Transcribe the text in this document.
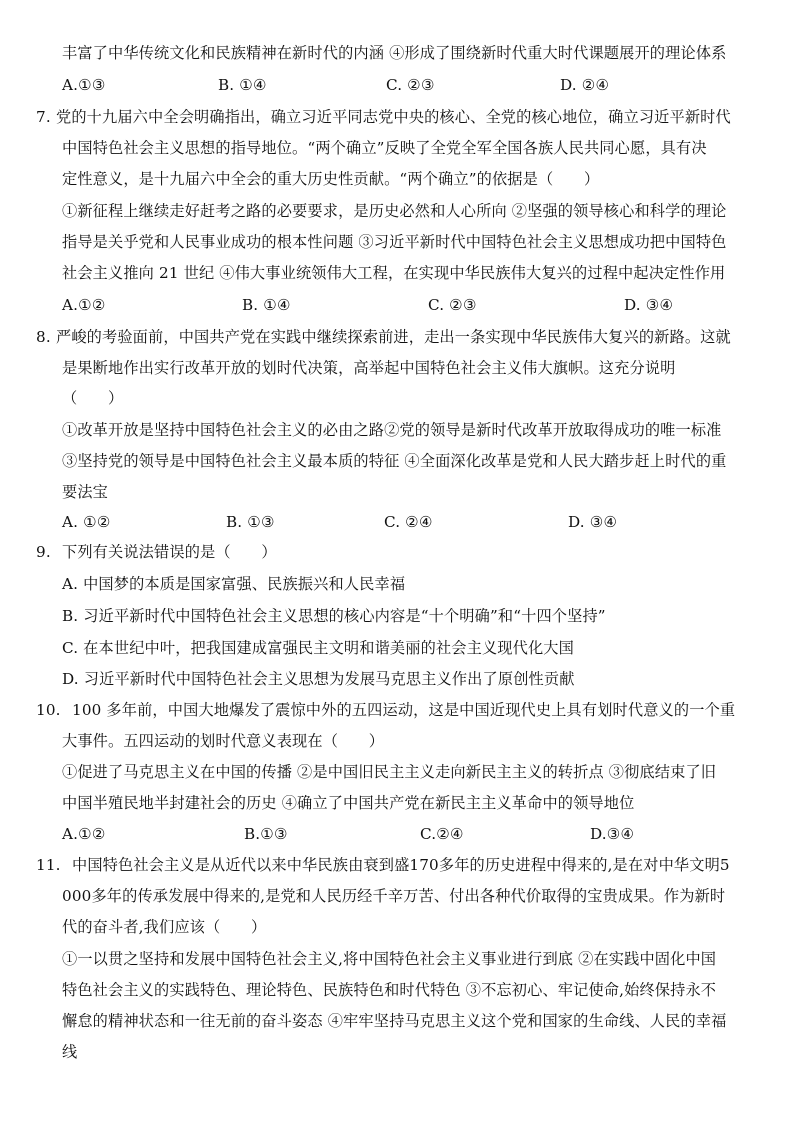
丰富了中华传统文化和民族精神在新时代的内涵 ④形成了围绕新时代重大时代课题展开的理论体系
A.①③	B. ①④	C. ②③	D. ②④
7. 党的十九届六中全会明确指出，确立习近平同志党中央的核心、全党的核心地位，确立习近平新时代
中国特色社会主义思想的指导地位。“两个确立”反映了全党全军全国各族人民共同心愿，具有决
定性意义，是十九届六中全会的重大历史性贡献。“两个确立”的依据是（　　）
①新征程上继续走好赶考之路的必要要求，是历史必然和人心所向 ②坚强的领导核心和科学的理论
指导是关乎党和人民事业成功的根本性问题 ③习近平新时代中国特色社会主义思想成功把中国特色
社会主义推向 21 世纪 ④伟大事业统领伟大工程，在实现中华民族伟大复兴的过程中起决定性作用
A.①②	B. ①④	C. ②③	D. ③④
8. 严峻的考验面前，中国共产党在实践中继续探索前进，走出一条实现中华民族伟大复兴的新路。这就
是果断地作出实行改革开放的划时代决策，高举起中国特色社会主义伟大旗帜。这充分说明
（　　）
①改革开放是坚持中国特色社会主义的必由之路②党的领导是新时代改革开放取得成功的唯一标准
③坚持党的领导是中国特色社会主义最本质的特征 ④全面深化改革是党和人民大踏步赶上时代的重
要法宝
A. ①②	B. ①③	C. ②④	D. ③④
9. 下列有关说法错误的是（　　）
A. 中国梦的本质是国家富强、民族振兴和人民幸福
B. 习近平新时代中国特色社会主义思想的核心内容是“十个明确”和“十四个坚持”
C. 在本世纪中叶，把我国建成富强民主文明和谐美丽的社会主义现代化大国
D. 习近平新时代中国特色社会主义思想为发展马克思主义作出了原创性贡献
10. 100 多年前，中国大地爆发了震惊中外的五四运动，这是中国近现代史上具有划时代意义的一个重
大事件。五四运动的划时代意义表现在（　　）
①促进了马克思主义在中国的传播 ②是中国旧民主主义走向新民主主义的转折点 ③彻底结束了旧
中国半殖民地半封建社会的历史 ④确立了中国共产党在新民主主义革命中的领导地位
A.①②	B.①③	C.②④	D.③④
11. 中国特色社会主义是从近代以来中华民族由衰到盛170多年的历史进程中得来的,是在对中华文明5
000多年的传承发展中得来的,是党和人民历经千辛万苦、付出各种代价取得的宝贵成果。作为新时
代的奋斗者,我们应该（　　）
①一以贯之坚持和发展中国特色社会主义,将中国特色社会主义事业进行到底 ②在实践中固化中国
特色社会主义的实践特色、理论特色、民族特色和时代特色 ③不忘初心、牢记使命,始终保持永不
懈怠的精神状态和一往无前的奋斗姿态 ④牢牢坚持马克思主义这个党和国家的生命线、人民的幸福
线
